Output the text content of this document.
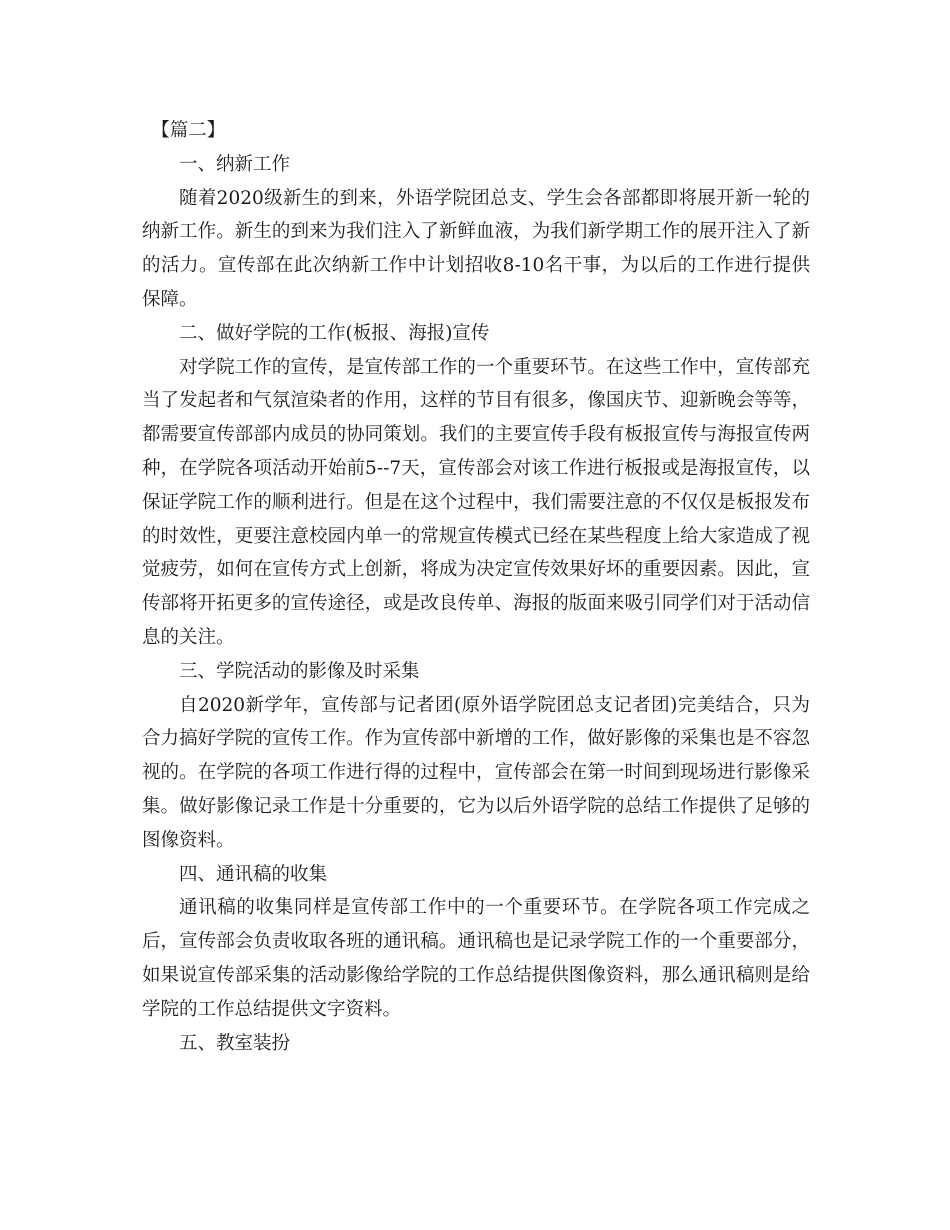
【篇二】

一、纳新工作

随着2020级新生的到来，外语学院团总支、学生会各部都即将展开新一轮的纳新工作。新生的到来为我们注入了新鲜血液，为我们新学期工作的展开注入了新的活力。宣传部在此次纳新工作中计划招收8-10名干事，为以后的工作进行提供保障。

二、做好学院的工作(板报、海报)宣传

对学院工作的宣传，是宣传部工作的一个重要环节。在这些工作中，宣传部充当了发起者和气氛渲染者的作用，这样的节目有很多，像国庆节、迎新晚会等等，都需要宣传部部内成员的协同策划。我们的主要宣传手段有板报宣传与海报宣传两种，在学院各项活动开始前5--7天，宣传部会对该工作进行板报或是海报宣传，以保证学院工作的顺利进行。但是在这个过程中，我们需要注意的不仅仅是板报发布的时效性，更要注意校园内单一的常规宣传模式已经在某些程度上给大家造成了视觉疲劳，如何在宣传方式上创新，将成为决定宣传效果好坏的重要因素。因此，宣传部将开拓更多的宣传途径，或是改良传单、海报的版面来吸引同学们对于活动信息的关注。

三、学院活动的影像及时采集

自2020新学年，宣传部与记者团(原外语学院团总支记者团)完美结合，只为合力搞好学院的宣传工作。作为宣传部中新增的工作，做好影像的采集也是不容忽视的。在学院的各项工作进行得的过程中，宣传部会在第一时间到现场进行影像采集。做好影像记录工作是十分重要的，它为以后外语学院的总结工作提供了足够的图像资料。

四、通讯稿的收集

通讯稿的收集同样是宣传部工作中的一个重要环节。在学院各项工作完成之后，宣传部会负责收取各班的通讯稿。通讯稿也是记录学院工作的一个重要部分，如果说宣传部采集的活动影像给学院的工作总结提供图像资料，那么通讯稿则是给学院的工作总结提供文字资料。

五、教室装扮
